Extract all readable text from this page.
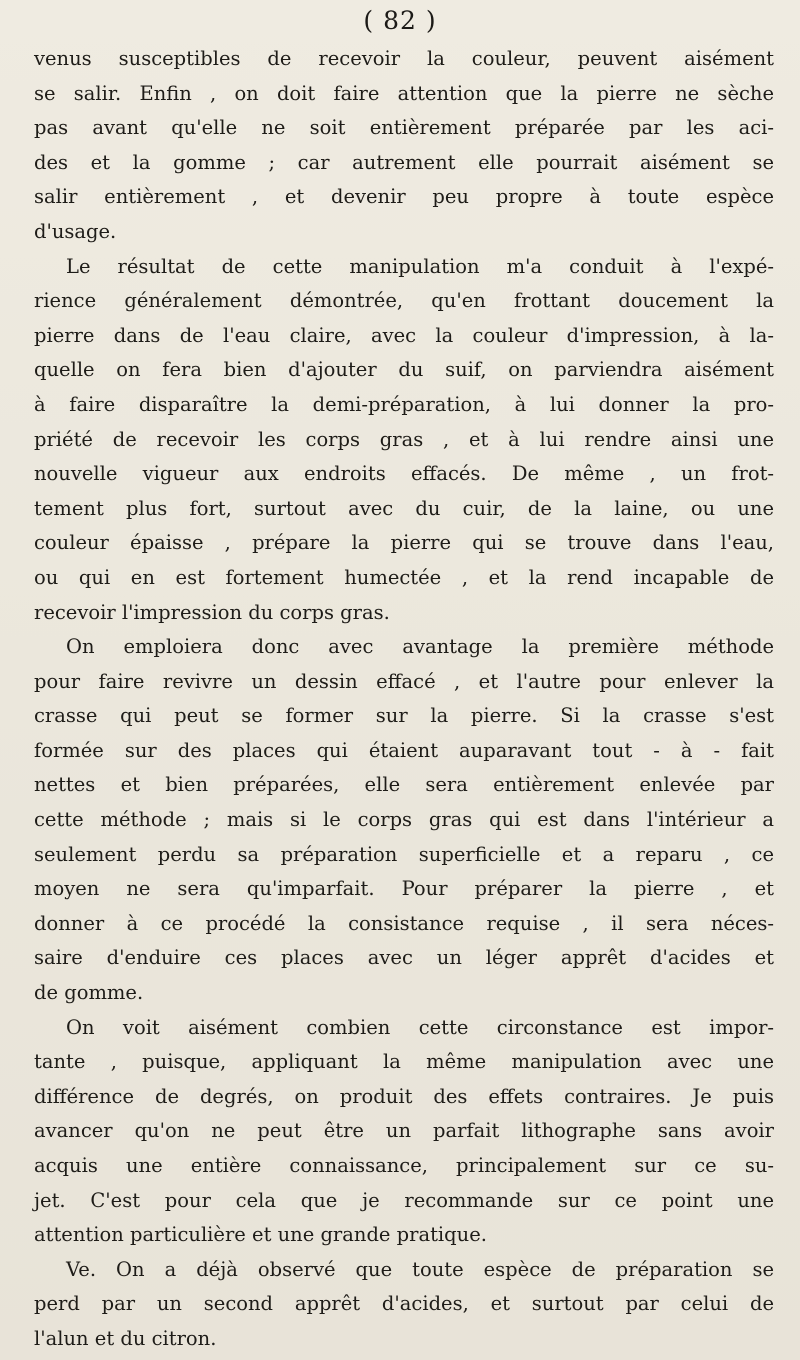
( 82 )
venus susceptibles de recevoir la couleur, peuvent aisément
se salir. Enfin , on doit faire attention que la pierre ne sèche
pas avant qu'elle ne soit entièrement préparée par les aci-
des et la gomme ; car autrement elle pourrait aisément se
salir entièrement , et devenir peu propre à toute espèce
d'usage.
Le résultat de cette manipulation m'a conduit à l'expé-
rience généralement démontrée, qu'en frottant doucement la
pierre dans de l'eau claire, avec la couleur d'impression, à la-
quelle on fera bien d'ajouter du suif, on parviendra aisément
à faire disparaître la demi-préparation, à lui donner la pro-
priété de recevoir les corps gras , et à lui rendre ainsi une
nouvelle vigueur aux endroits effacés. De même , un frot-
tement plus fort, surtout avec du cuir, de la laine, ou une
couleur épaisse , prépare la pierre qui se trouve dans l'eau,
ou qui en est fortement humectée , et la rend incapable de
recevoir l'impression du corps gras.
On emploiera donc avec avantage la première méthode
pour faire revivre un dessin effacé , et l'autre pour enlever la
crasse qui peut se former sur la pierre. Si la crasse s'est
formée sur des places qui étaient auparavant tout - à - fait
nettes et bien préparées, elle sera entièrement enlevée par
cette méthode ; mais si le corps gras qui est dans l'intérieur a
seulement perdu sa préparation superficielle et a reparu , ce
moyen ne sera qu'imparfait. Pour préparer la pierre , et
donner à ce procédé la consistance requise , il sera néces-
saire d'enduire ces places avec un léger apprêt d'acides et
de gomme.
On voit aisément combien cette circonstance est impor-
tante , puisque, appliquant la même manipulation avec une
différence de degrés, on produit des effets contraires. Je puis
avancer qu'on ne peut être un parfait lithographe sans avoir
acquis une entière connaissance, principalement sur ce su-
jet. C'est pour cela que je recommande sur ce point une
attention particulière et une grande pratique.
Ve. On a déjà observé que toute espèce de préparation se
perd par un second apprêt d'acides, et surtout par celui de
l'alun et du citron.
